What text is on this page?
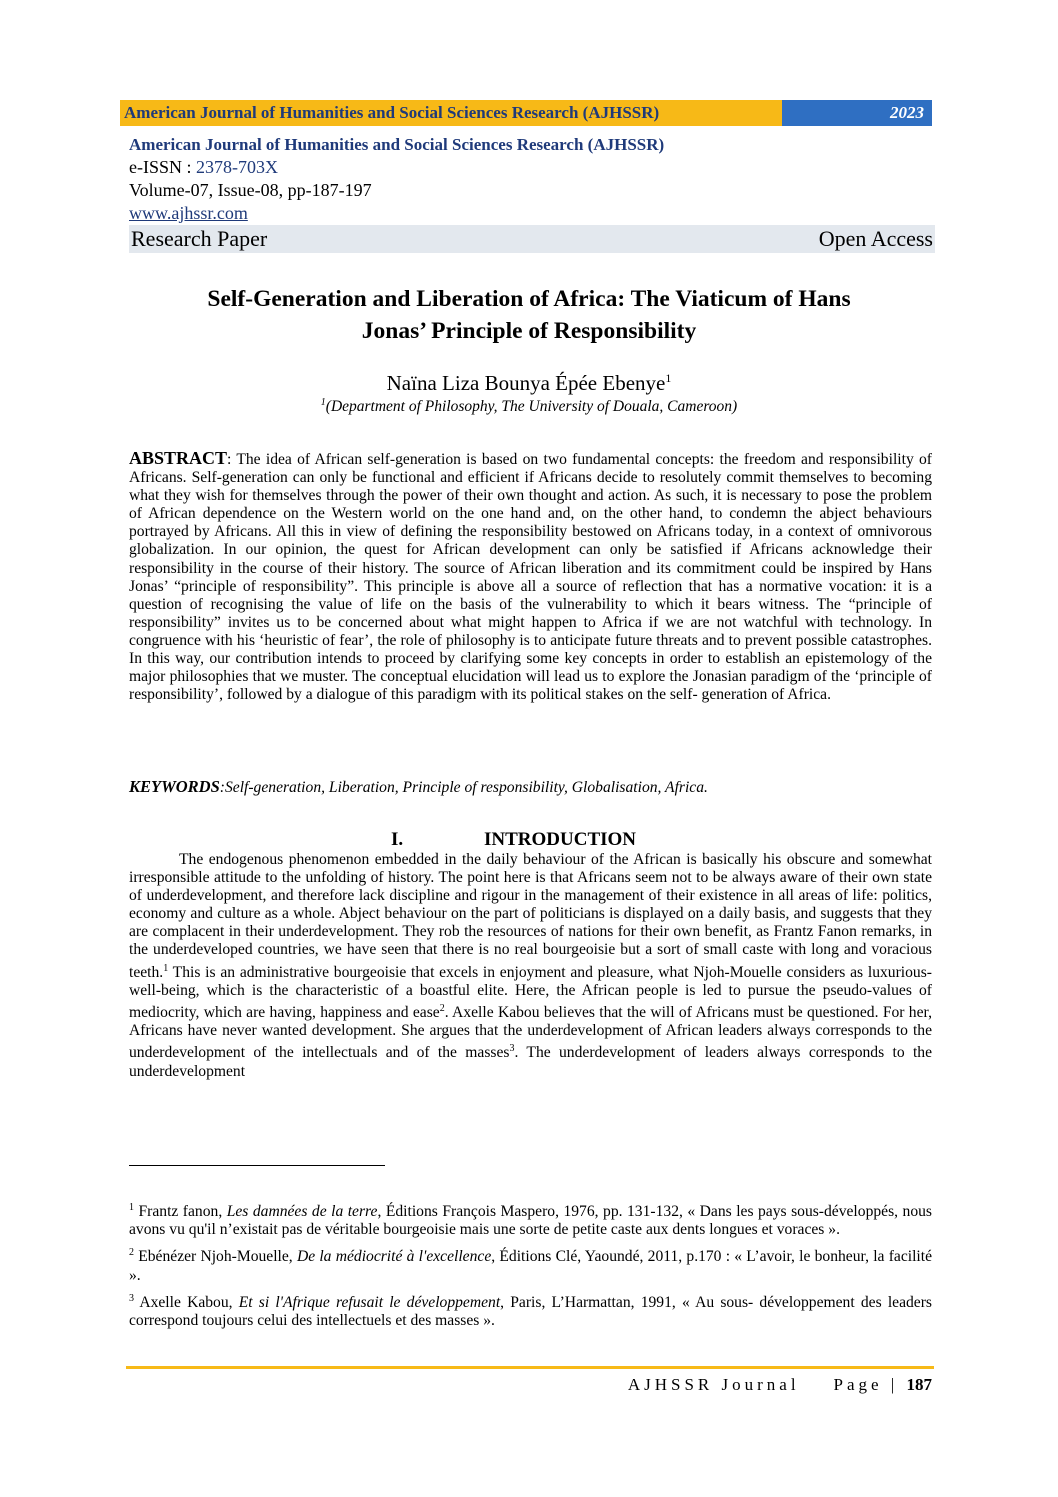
American Journal of Humanities and Social Sciences Research (AJHSSR)	2023
American Journal of Humanities and Social Sciences Research (AJHSSR)
e-ISSN : 2378-703X
Volume-07, Issue-08, pp-187-197
www.ajhssr.com
Research Paper	Open Access
Self-Generation and Liberation of Africa: The Viaticum of Hans
Jonas’ Principle of Responsibility
Naïna Liza Bounya Épée Ebenye$^1$
$^1$(Department of Philosophy, The University of Douala, Cameroon)
ABSTRACT: The idea of African self-generation is based on two fundamental concepts: the freedom and responsibility of Africans. Self-generation can only be functional and efficient if Africans decide to resolutely commit themselves to becoming what they wish for themselves through the power of their own thought and action. As such, it is necessary to pose the problem of African dependence on the Western world on the one hand and, on the other hand, to condemn the abject behaviours portrayed by Africans. All this in view of defining the responsibility bestowed on Africans today, in a context of omnivorous globalization. In our opinion, the quest for African development can only be satisfied if Africans acknowledge their responsibility in the course of their history. The source of African liberation and its commitment could be inspired by Hans Jonas’ “principle of responsibility”. This principle is above all a source of reflection that has a normative vocation: it is a question of recognising the value of life on the basis of the vulnerability to which it bears witness. The “principle of responsibility” invites us to be concerned about what might happen to Africa if we are not watchful with technology. In congruence with his ‘heuristic of fear’, the role of philosophy is to anticipate future threats and to prevent possible catastrophes. In this way, our contribution intends to proceed by clarifying some key concepts in order to establish an epistemology of the major philosophies that we muster. The conceptual elucidation will lead us to explore the Jonasian paradigm of the ‘principle of responsibility’, followed by a dialogue of this paradigm with its political stakes on the self- generation of Africa.
KEYWORDS:Self-generation, Liberation, Principle of responsibility, Globalisation, Africa.
I.	INTRODUCTION
The endogenous phenomenon embedded in the daily behaviour of the African is basically his obscure and somewhat irresponsible attitude to the unfolding of history. The point here is that Africans seem not to be always aware of their own state of underdevelopment, and therefore lack discipline and rigour in the management of their existence in all areas of life: politics, economy and culture as a whole. Abject behaviour on the part of politicians is displayed on a daily basis, and suggests that they are complacent in their underdevelopment. They rob the resources of nations for their own benefit, as Frantz Fanon remarks, in the underdeveloped countries, we have seen that there is no real bourgeoisie but a sort of small caste with long and voracious teeth.$^1$ This is an administrative bourgeoisie that excels in enjoyment and pleasure, what Njoh-Mouelle considers as luxurious-well-being, which is the characteristic of a boastful elite. Here, the African people is led to pursue the pseudo-values of mediocrity, which are having, happiness and ease$^2$. Axelle Kabou believes that the will of Africans must be questioned. For her, Africans have never wanted development. She argues that the underdevelopment of African leaders always corresponds to the underdevelopment of the intellectuals and of the masses$^3$. The underdevelopment of leaders always corresponds to the underdevelopment

$^1$ Frantz fanon, Les damnées de la terre, Éditions François Maspero, 1976, pp. 131-132, « Dans les pays sous-développés, nous avons vu qu'il n’existait pas de véritable bourgeoisie mais une sorte de petite caste aux dents longues et voraces ».

$^2$ Ebénézer Njoh-Mouelle, De la médiocrité à l'excellence, Éditions Clé, Yaoundé, 2011, p.170 : « L’avoir, le bonheur, la facilité ».

$^3$ Axelle Kabou, Et si l'Afrique refusait le développement, Paris, L’Harmattan, 1991, « Au sous- développement des leaders correspond toujours celui des intellectuels et des masses ».

AJHSSR Journal Page | 187
